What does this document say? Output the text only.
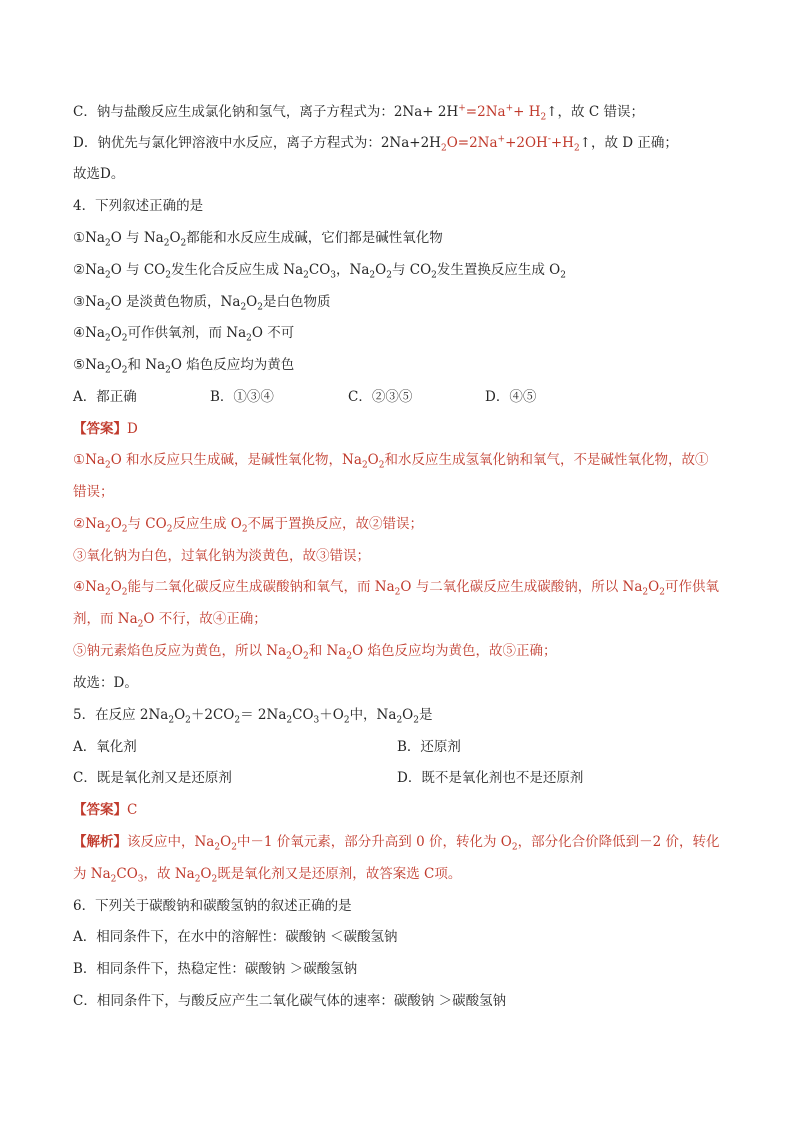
C．钠与盐酸反应生成氯化钠和氢气，离子方程式为：$2Na+ 2H^+=2Na^++ H_2↑$，故 C 错误；
D．钠优先与氯化钾溶液中水反应，离子方程式为：$2Na+2H_2O=2Na^++2OH^-+H_2↑$，故 D 正确；
故选D。
4．下列叙述正确的是
$①Na_2O$ 与 $Na_2O_2$都能和水反应生成碱，它们都是碱性氧化物
$②Na_2O$ 与 $CO_2$发生化合反应生成 $Na_2CO_3$，$Na_2O_2$与 $CO_2$发生置换反应生成 $O_2$
$③Na_2O$ 是淡黄色物质，$Na_2O_2$是白色物质
$④Na_2O_2$可作供氧剂，而 $Na_2O$ 不可
$⑤Na_2O_2$和 $Na_2O$ 焰色反应均为黄色
A．都正确	B．①③④	C．②③⑤	D．④⑤
【答案】D
$①Na_2O$ 和水反应只生成碱，是碱性氧化物，$Na_2O_2$和水反应生成氢氧化钠和氧气，不是碱性氧化物，故①
错误；
$②Na_2O_2$与 $CO_2$反应生成 $O_2$不属于置换反应，故②错误；
③氧化钠为白色，过氧化钠为淡黄色，故③错误；
$④Na_2O_2$能与二氧化碳反应生成碳酸钠和氧气，而 $Na_2O$ 与二氧化碳反应生成碳酸钠，所以 $Na_2O_2$可作供氧
剂，而 $Na_2O$ 不行，故④正确；
⑤钠元素焰色反应为黄色，所以 $Na_2O_2$和 $Na_2O$ 焰色反应均为黄色，故⑤正确；
故选：D。
5．在反应 $2Na_2O_2+2CO_2= 2Na_2CO_3+O_2$中，$Na_2O_2$是
A．氧化剂	B．还原剂
C．既是氧化剂又是还原剂	D．既不是氧化剂也不是还原剂
【答案】C
【解析】该反应中，$Na_2O_2$中－1 价氧元素，部分升高到 0 价，转化为 $O_2$，部分化合价降低到－2 价，转化
为 $Na_2CO_3$，故 $Na_2O_2$既是氧化剂又是还原剂，故答案选 C项。
6．下列关于碳酸钠和碳酸氢钠的叙述正确的是
A．相同条件下，在水中的溶解性：碳酸钠 ＜碳酸氢钠
B．相同条件下，热稳定性：碳酸钠 ＞碳酸氢钠
C．相同条件下，与酸反应产生二氧化碳气体的速率：碳酸钠 ＞碳酸氢钠
